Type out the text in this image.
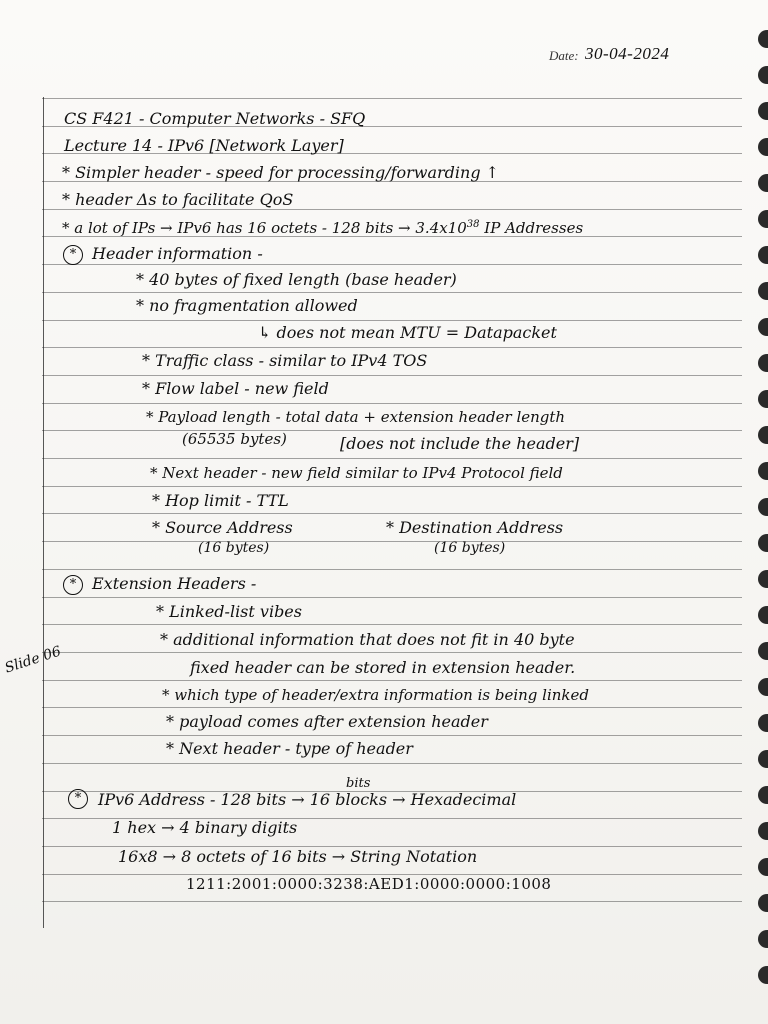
Date: 30-04-2024
CS F421 - Computer Networks - SFQ
Lecture 14 - IPv6 [Network Layer]
* Simpler header - speed for processing/forwarding ↑
* header Δs to facilitate QoS
* a lot of IPs → IPv6 has 16 octets - 128 bits → $3.4x10^{38}$ IP Addresses
* Header information -
* 40 bytes of fixed length (base header)
* no fragmentation allowed
↳ does not mean MTU = Datapacket
* Traffic class - similar to IPv4 TOS
* Flow label - new field
* Payload length - total data + extension header length
(65535 bytes)	[does not include the header]
* Next header - new field similar to IPv4 Protocol field
* Hop limit - TTL
* Source Address	* Destination Address
(16 bytes)	(16 bytes)
* Extension Headers -
* Linked-list vibes
* additional information that does not fit in 40 byte
fixed header can be stored in extension header.
* which type of header/extra information is being linked
* payload comes after extension header
* Next header - type of header
bits
*	IPv6 Address - 128 bits → 16 blocks → Hexadecimal
1 hex → 4 binary digits
16x8 → 8 octets of 16 bits → String Notation
1211:2001:0000:3238:AED1:0000:0000:1008
Slide 06
